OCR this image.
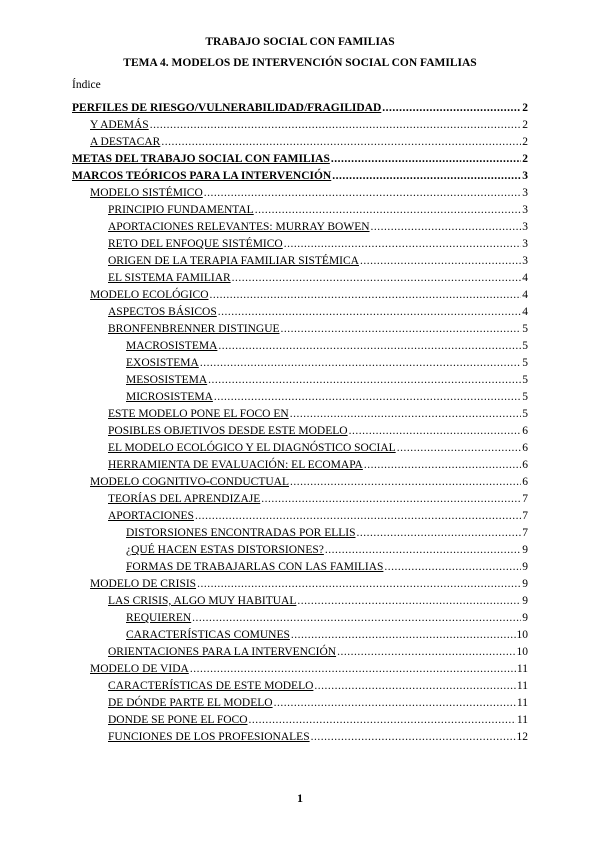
TRABAJO SOCIAL CON FAMILIAS
TEMA 4. MODELOS DE INTERVENCIÓN SOCIAL CON FAMILIAS
Índice
PERFILES DE RIESGO/VULNERABILIDAD/FRAGILIDAD .....	2
Y ADEMÁS .....	2
A DESTACAR .....	2
METAS DEL TRABAJO SOCIAL CON FAMILIAS .....	2
MARCOS TEÓRICOS PARA LA INTERVENCIÓN .....	3
MODELO SISTÉMICO .....	3
PRINCIPIO FUNDAMENTAL .....	3
APORTACIONES RELEVANTES: MURRAY BOWEN .....	3
RETO DEL ENFOQUE SISTÉMICO .....	3
ORIGEN DE LA TERAPIA FAMILIAR SISTÉMICA .....	3
EL SISTEMA FAMILIAR .....	4
MODELO ECOLÓGICO .....	4
ASPECTOS BÁSICOS .....	4
BRONFENBRENNER DISTINGUE .....	5
MACROSISTEMA .....	5
EXOSISTEMA .....	5
MESOSISTEMA .....	5
MICROSISTEMA .....	5
ESTE MODELO PONE EL FOCO EN .....	5
POSIBLES OBJETIVOS DESDE ESTE MODELO .....	6
EL MODELO ECOLÓGICO Y EL DIAGNÓSTICO SOCIAL .....	6
HERRAMIENTA DE EVALUACIÓN: EL ECOMAPA .....	6
MODELO COGNITIVO-CONDUCTUAL .....	6
TEORÍAS DEL APRENDIZAJE .....	7
APORTACIONES .....	7
DISTORSIONES ENCONTRADAS POR ELLIS .....	7
¿QUÉ HACEN ESTAS DISTORSIONES? .....	9
FORMAS DE TRABAJARLAS CON LAS FAMILIAS .....	9
MODELO DE CRISIS .....	9
LAS CRISIS, ALGO MUY HABITUAL .....	9
REQUIEREN .....	9
CARACTERÍSTICAS COMUNES .....	10
ORIENTACIONES PARA LA INTERVENCIÓN .....	10
MODELO DE VIDA .....	11
CARACTERÍSTICAS DE ESTE MODELO .....	11
DE DÓNDE PARTE EL MODELO .....	11
DONDE SE PONE EL FOCO .....	11
FUNCIONES DE LOS PROFESIONALES .....	12
1
